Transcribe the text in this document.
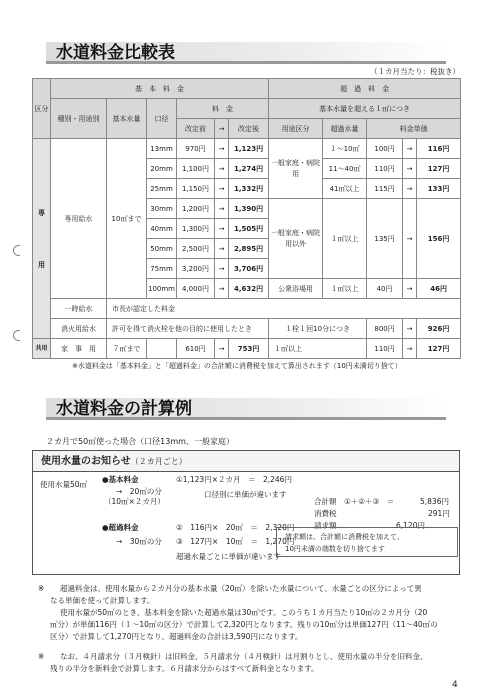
水道料金比較表
（１カ月当たり：税抜き）
区分	基　本　料　金						超　過　料　金				
	種別・用途別	基本水量	口径	料　金			基本水量を超える１㎥につき				
				改定前	→	改定後	用途区分	超過水量	料金単価		
専
用	専用給水	10㎥まで	13mm	970円	→	1,123円	一般家庭・病院用	１〜10㎥	100円	→	116円
			20mm	1,100円	→	1,274円		11〜40㎥	110円	→	127円
			25mm	1,150円	→	1,332円		41㎥以上	115円	→	133円
			30mm	1,200円	→	1,390円	一般家庭・病院用以外	１㎥以上	135円	→	156円
			40mm	1,300円	→	1,505円					
			50mm	2,500円	→	2,895円					
			75mm	3,200円	→	3,706円					
			100mm	4,000円	→	4,632円	公衆浴場用	１㎥以上	40円	→	46円
	一時給水	市長が認定した料金									
	消火用給水	許可を得て消火栓を他の目的に使用したとき					１栓１回10分につき		800円	→	926円
共用	家　事　用	７㎥まで		610円	→	753円	１㎥以上		110円	→	127円
※水道料金は「基本料金」と「超過料金」の合計額に消費税を加えて算出されます（10円未満切り捨て）
水道料金の計算例
２カ月で50㎥使った場合（口径13mm、一般家庭）
使用水量のお知らせ（２カ月ごと）
使用水量50㎥
●基本料金
→　20㎥の分
（10㎥×２カ月）
①1,123円×２カ月　＝　2,246円
口径別に単価が違います
●超過料金	②　116円×　20㎥　＝　2,320円
→　30㎥の分 ③　127円×　10㎥　＝　1,270円
超過水量ごとに単価が違います
合計額　①＋②＋③　＝	5,836円
消費税	291円
請求額	6,120円
請求額は、合計額に消費税を加えて、
10円未満の端数を切り捨てます
※	超過料金は、使用水量から２カ月分の基本水量（20㎥）を除いた水量について、水量ごとの区分によって異
なる単価を使って計算します。
使用水量が50㎥のとき、基本料金を除いた超過水量は30㎥です。このうち１カ月当たり10㎥の２カ月分（20
㎥分）が単価116円（１〜10㎥の区分）で計算して2,320円となります。残りの10㎥分は単価127円（11〜40㎥の
区分）で計算して1,270円となり、超過料金の合計は3,590円になります。
※	なお、４月請求分（３月検針）は旧料金、５月請求分（４月検針）は月割りとし、使用水量の半分を旧料金、
残りの半分を新料金で計算します。６月請求分からはすべて新料金となります。
4
